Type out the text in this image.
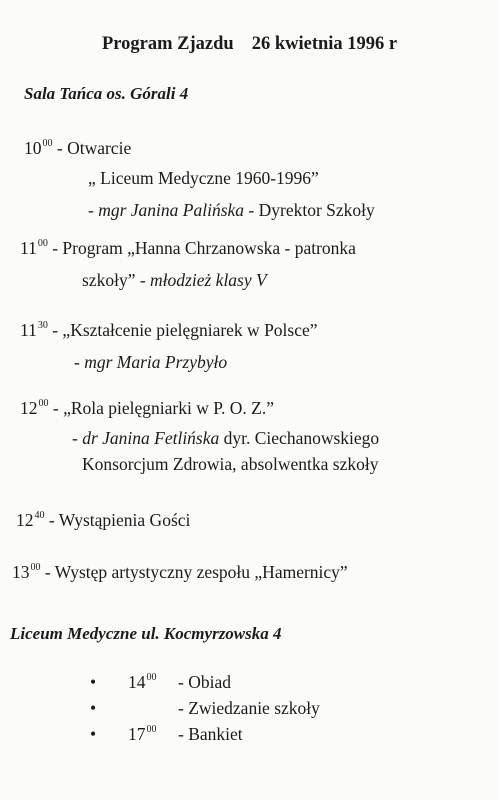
Program Zjazdu 26 kwietnia 1996 r
Sala Tańca os. Górali 4
$10^{00}$ - Otwarcie
„ Liceum Medyczne 1960-1996”
- mgr Janina Palińska - Dyrektor Szkoły
$11^{00}$ - Program „Hanna Chrzanowska - patronka
szkoły” - młodzież klasy V
$11^{30}$ - „Kształcenie pielęgniarek w Polsce”
- mgr Maria Przybyło
$12^{00}$ - „Rola pielęgniarki w P. O. Z.”
- dr Janina Fetlińska dyr. Ciechanowskiego
Konsorcjum Zdrowia, absolwentka szkoły
$12^{40}$ - Wystąpienia Gości
$13^{00}$ - Występ artystyczny zespołu „Hamernicy”
Liceum Medyczne ul. Kocmyrzowska 4
• $14^{00}$ - Obiad
•	- Zwiedzanie szkoły
• $17^{00}$ - Bankiet
